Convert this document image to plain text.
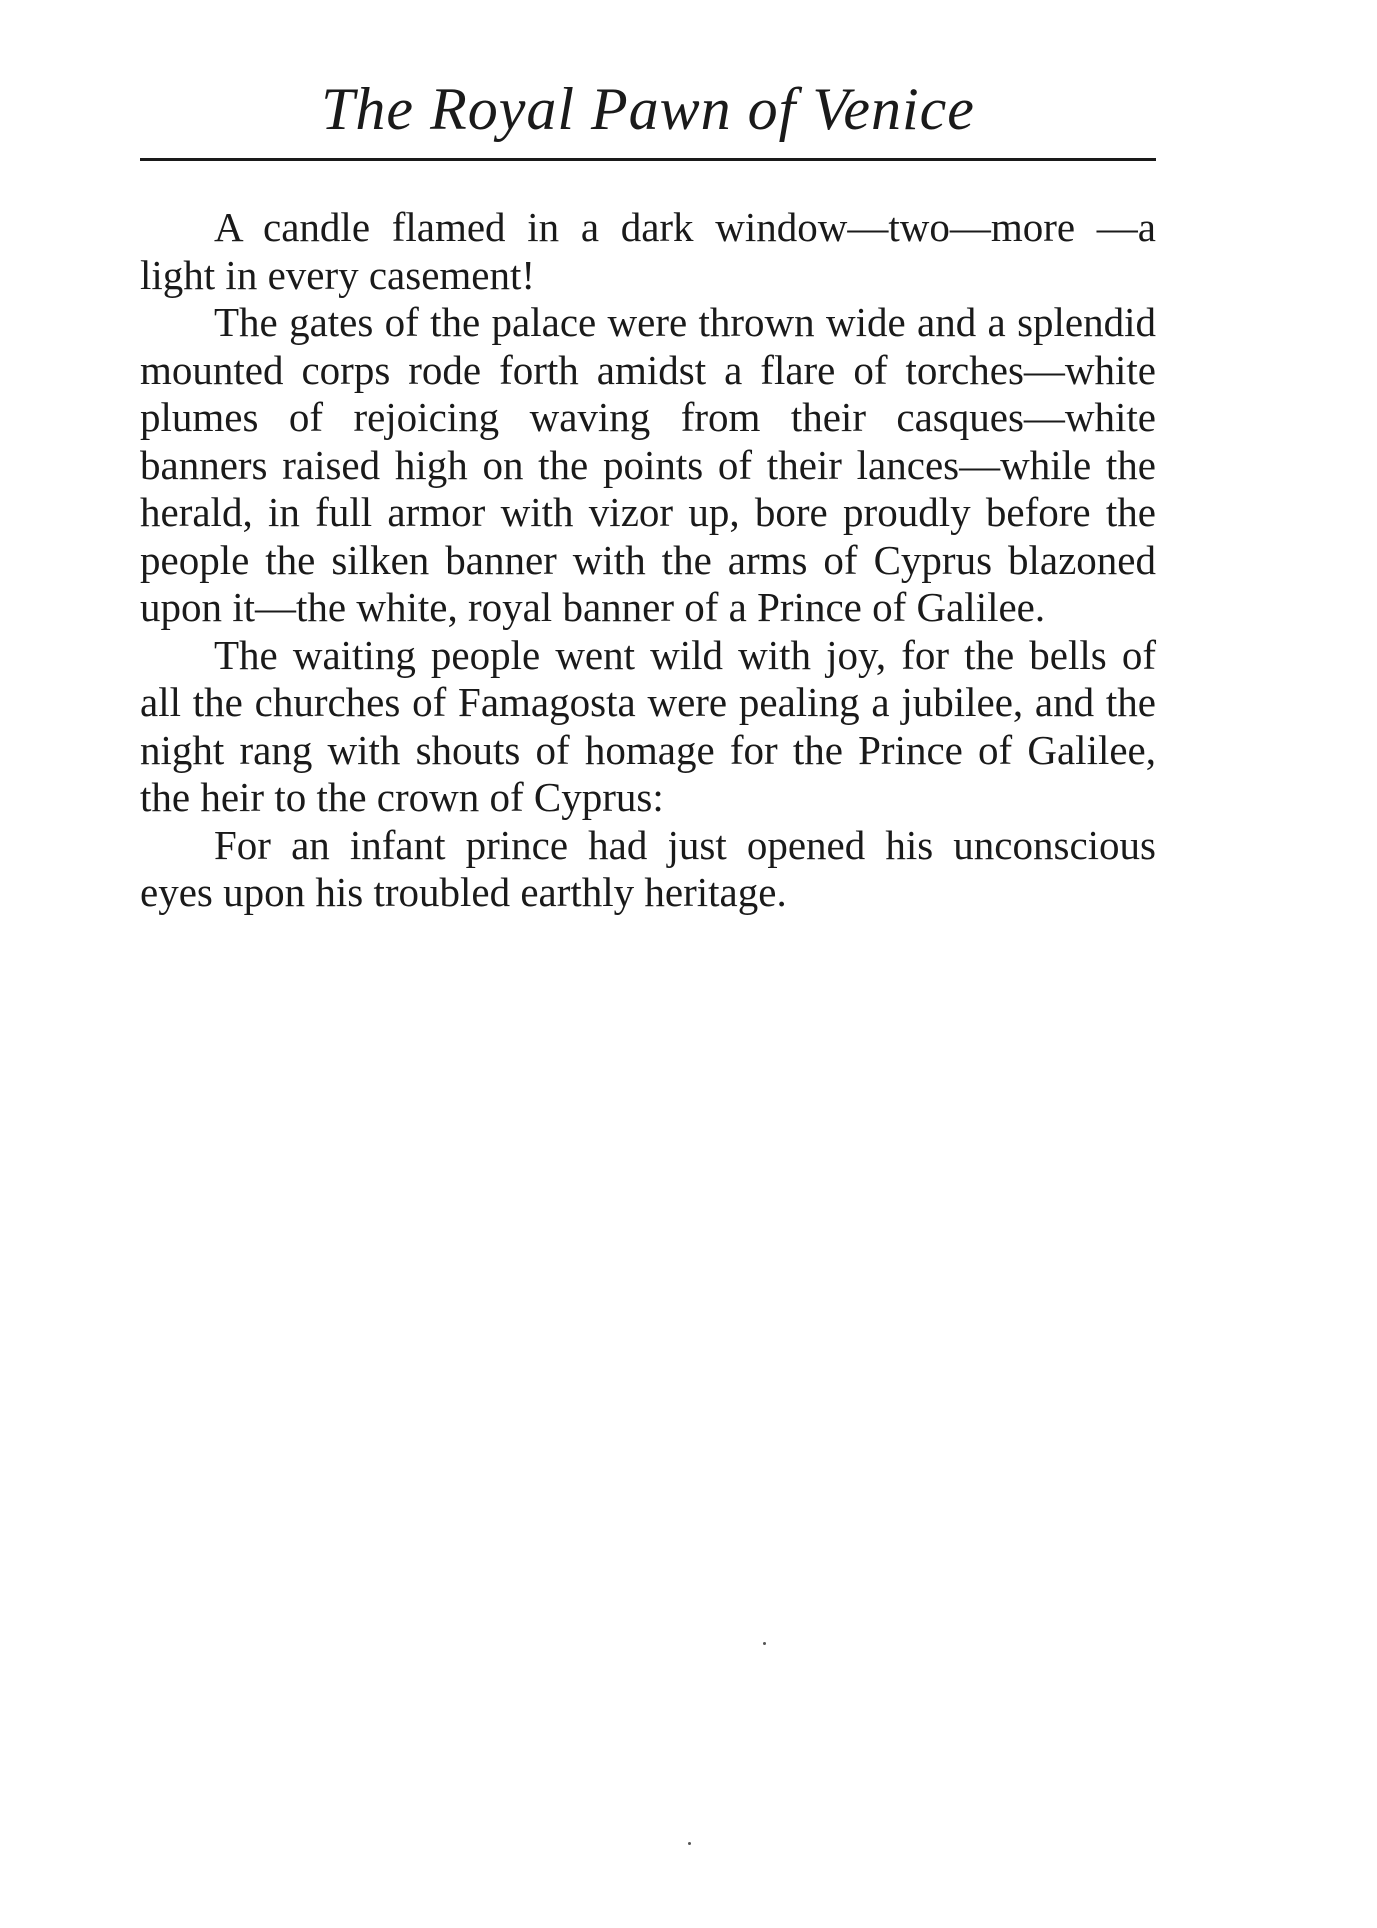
The Royal Pawn of Venice

A candle flamed in a dark window—two—more —a light in every casement!

The gates of the palace were thrown wide and a splendid mounted corps rode forth amidst a flare of torches—white plumes of rejoicing waving from their casques—white banners raised high on the points of their lances—while the herald, in full armor with vizor up, bore proudly before the people the silken banner with the arms of Cyprus blazoned upon it—the white, royal banner of a Prince of Galilee.

The waiting people went wild with joy, for the bells of all the churches of Famagosta were pealing a jubilee, and the night rang with shouts of homage for the Prince of Galilee, the heir to the crown of Cyprus:

For an infant prince had just opened his unconscious eyes upon his troubled earthly heritage.
